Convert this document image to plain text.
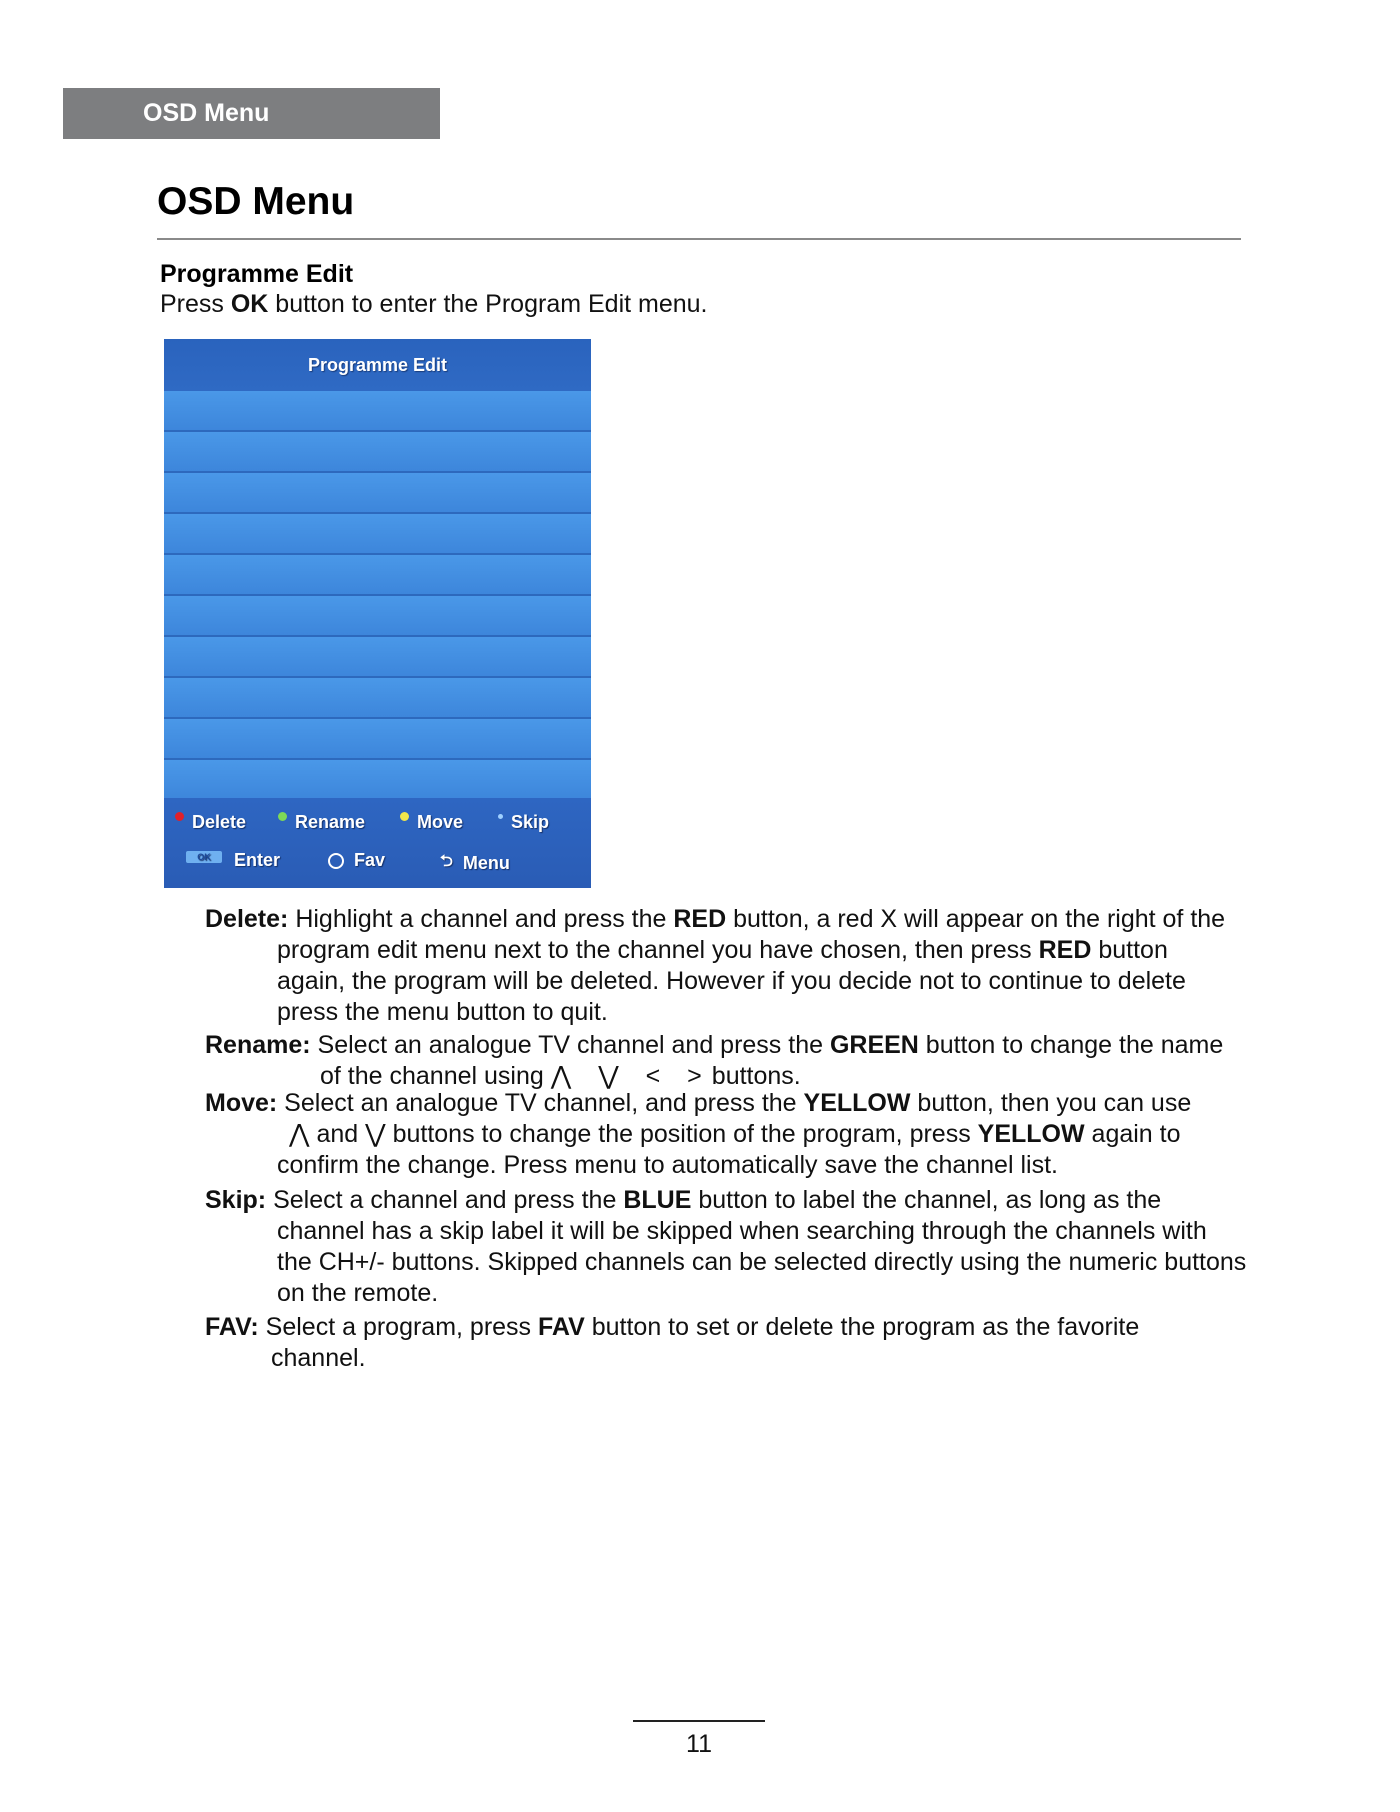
OSD Menu
OSD Menu
Programme Edit
Press OK button to enter the Program Edit menu.
Programme Edit
Delete	Rename	Move	Skip
OK	Enter	Fav	⮌ Menu
Delete: Highlight a channel and press the RED button, a red X will appear on the right of the
program edit menu next to the channel you have chosen, then press RED button
again, the program will be deleted. However if you decide not to continue to delete
press the menu button to quit.
Rename: Select an analogue TV channel and press the GREEN button to change the name
of the channel using ⋀ ⋁ < >buttons.
Move: Select an analogue TV channel, and press the YELLOW button, then you can use
⋀ and ⋁ buttons to change the position of the program, press YELLOW again to
confirm the change. Press menu to automatically save the channel list.
Skip: Select a channel and press the BLUE button to label the channel, as long as the
channel has a skip label it will be skipped when searching through the channels with
the CH+/- buttons. Skipped channels can be selected directly using the numeric buttons
on the remote.
FAV: Select a program, press FAV button to set or delete the program as the favorite
channel.
11
